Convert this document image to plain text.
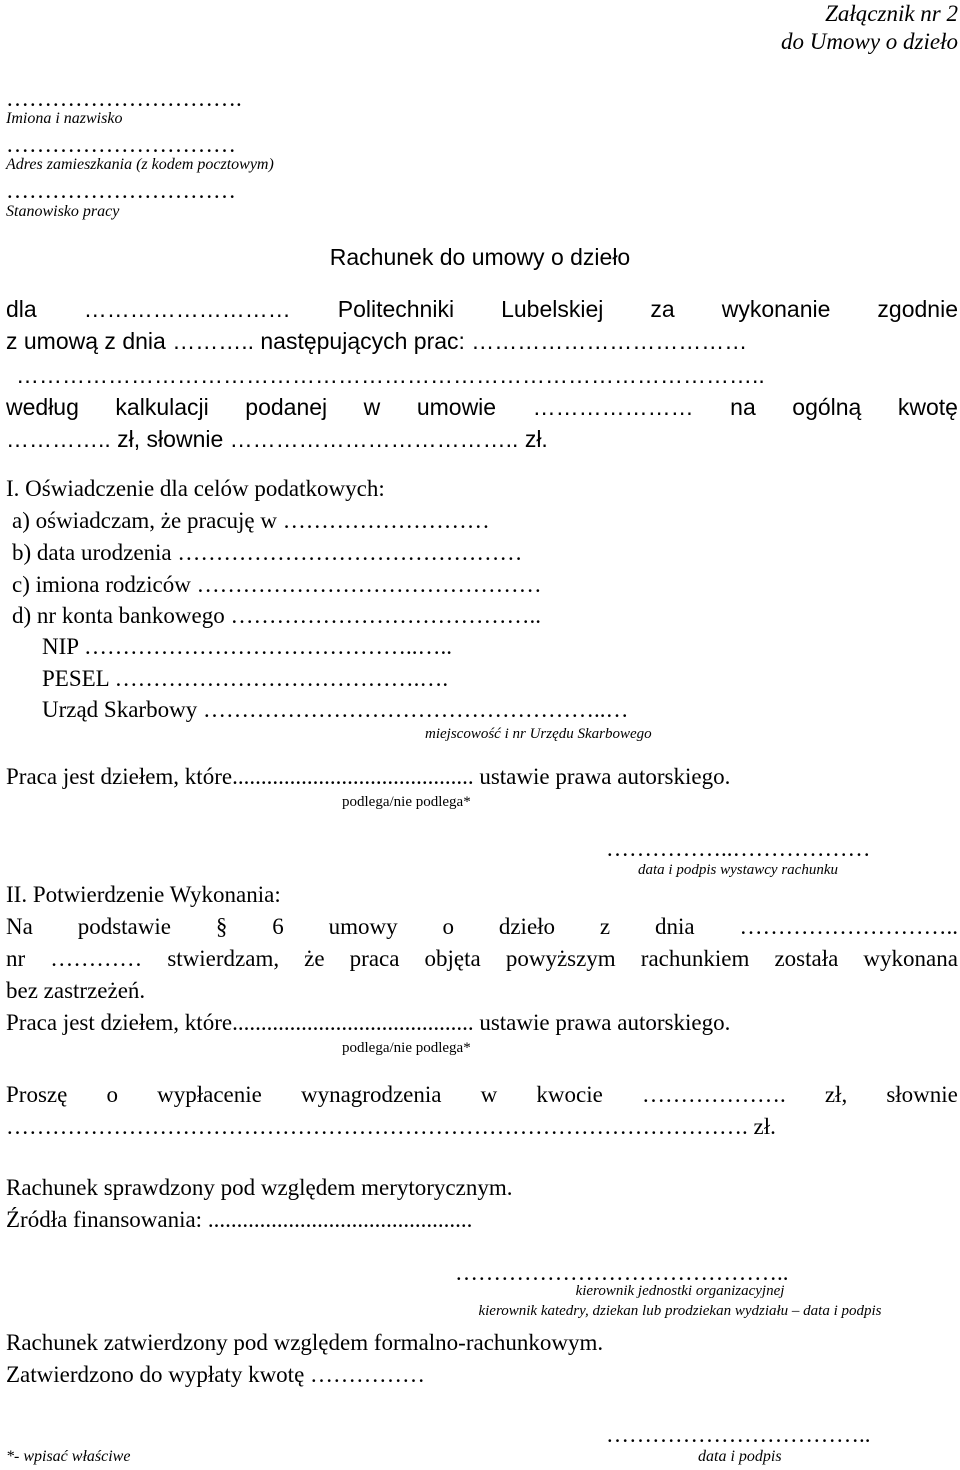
Załącznik nr 2
do Umowy o dzieło
………………………….
Imiona i nazwisko
…………………………
Adres zamieszkania (z kodem pocztowym)
…………………………
Stanowisko pracy
Rachunek do umowy o dzieło
dla ……………………… Politechniki Lubelskiej za wykonanie zgodnie
z umową z dnia ……….. następujących prac: ………………………………
……………………………………………………………………………………..
według kalkulacji podanej w umowie ………………… na ogólną kwotę
………….. zł, słownie ……………………………….. zł.
I. Oświadczenie dla celów podatkowych:
a) oświadczam, że pracuję w ………………………
b) data urodzenia ………………………………………
c) imiona rodziców ………………………………………
d) nr konta bankowego …………………………………..
NIP ……………………………………..…..
PESEL ………………………………….….
Urząd Skarbowy ……………………………………………..…
miejscowość i nr Urzędu Skarbowego
Praca jest dziełem, które.......................................... ustawie prawa autorskiego.
podlega/nie podlega*
……………..………………
data i podpis wystawcy rachunku
II. Potwierdzenie Wykonania:
Na podstawie § 6 umowy o dzieło z dnia ………………………..
nr ………… stwierdzam, że praca objęta powyższym rachunkiem została wykonana
bez zastrzeżeń.
Praca jest dziełem, które.......................................... ustawie prawa autorskiego.
podlega/nie podlega*
Proszę o wypłacenie wynagrodzenia w kwocie ………………. zł, słownie
……………………………………………………………………………………. zł.
Rachunek sprawdzony pod względem merytorycznym.
Źródła finansowania: ..............................................
……………………………………..
kierownik jednostki organizacyjnej
kierownik katedry, dziekan lub prodziekan wydziału – data i podpis
Rachunek zatwierdzony pod względem formalno-rachunkowym.
Zatwierdzono do wypłaty kwotę ……………
……………………………..
data i podpis
*- wpisać właściwe
